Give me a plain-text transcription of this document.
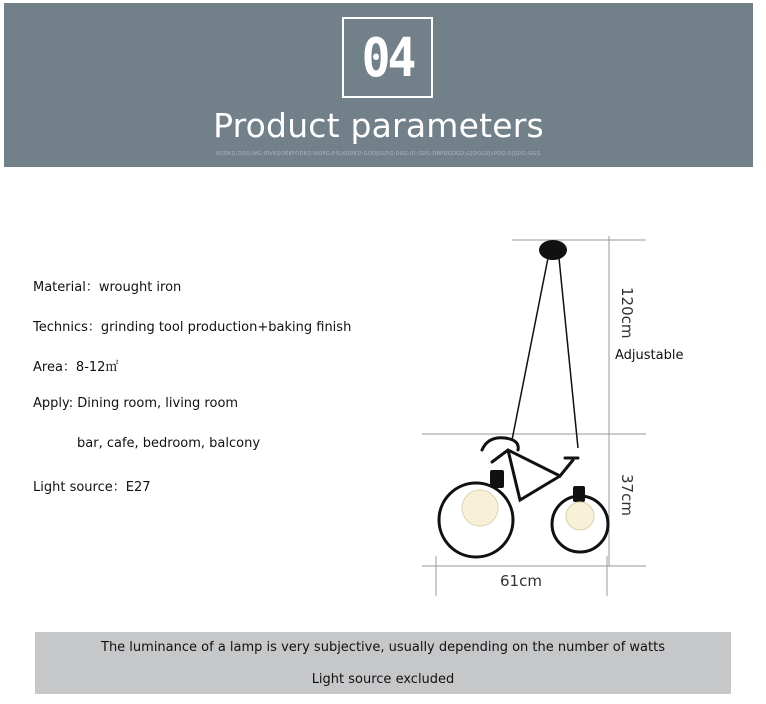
04
Product parameters
KODKG;DOG;WG;IDVEQOEKFODKO;WOPG;ESLKODKD;GODJGLDG;DOG;ID;GDG;DBPDGDGD;G[DGLD[LPDG;D[GDG;GGG
Material：wrought iron
Technics：grinding tool production+baking finish
Area：8-12㎡
Apply: Dining room, living room
bar, cafe, bedroom, balcony
Light source：E27
120cm
Adjustable
37cm
61cm
The luminance of a lamp is very subjective, usually depending on the number of watts
Light source excluded
